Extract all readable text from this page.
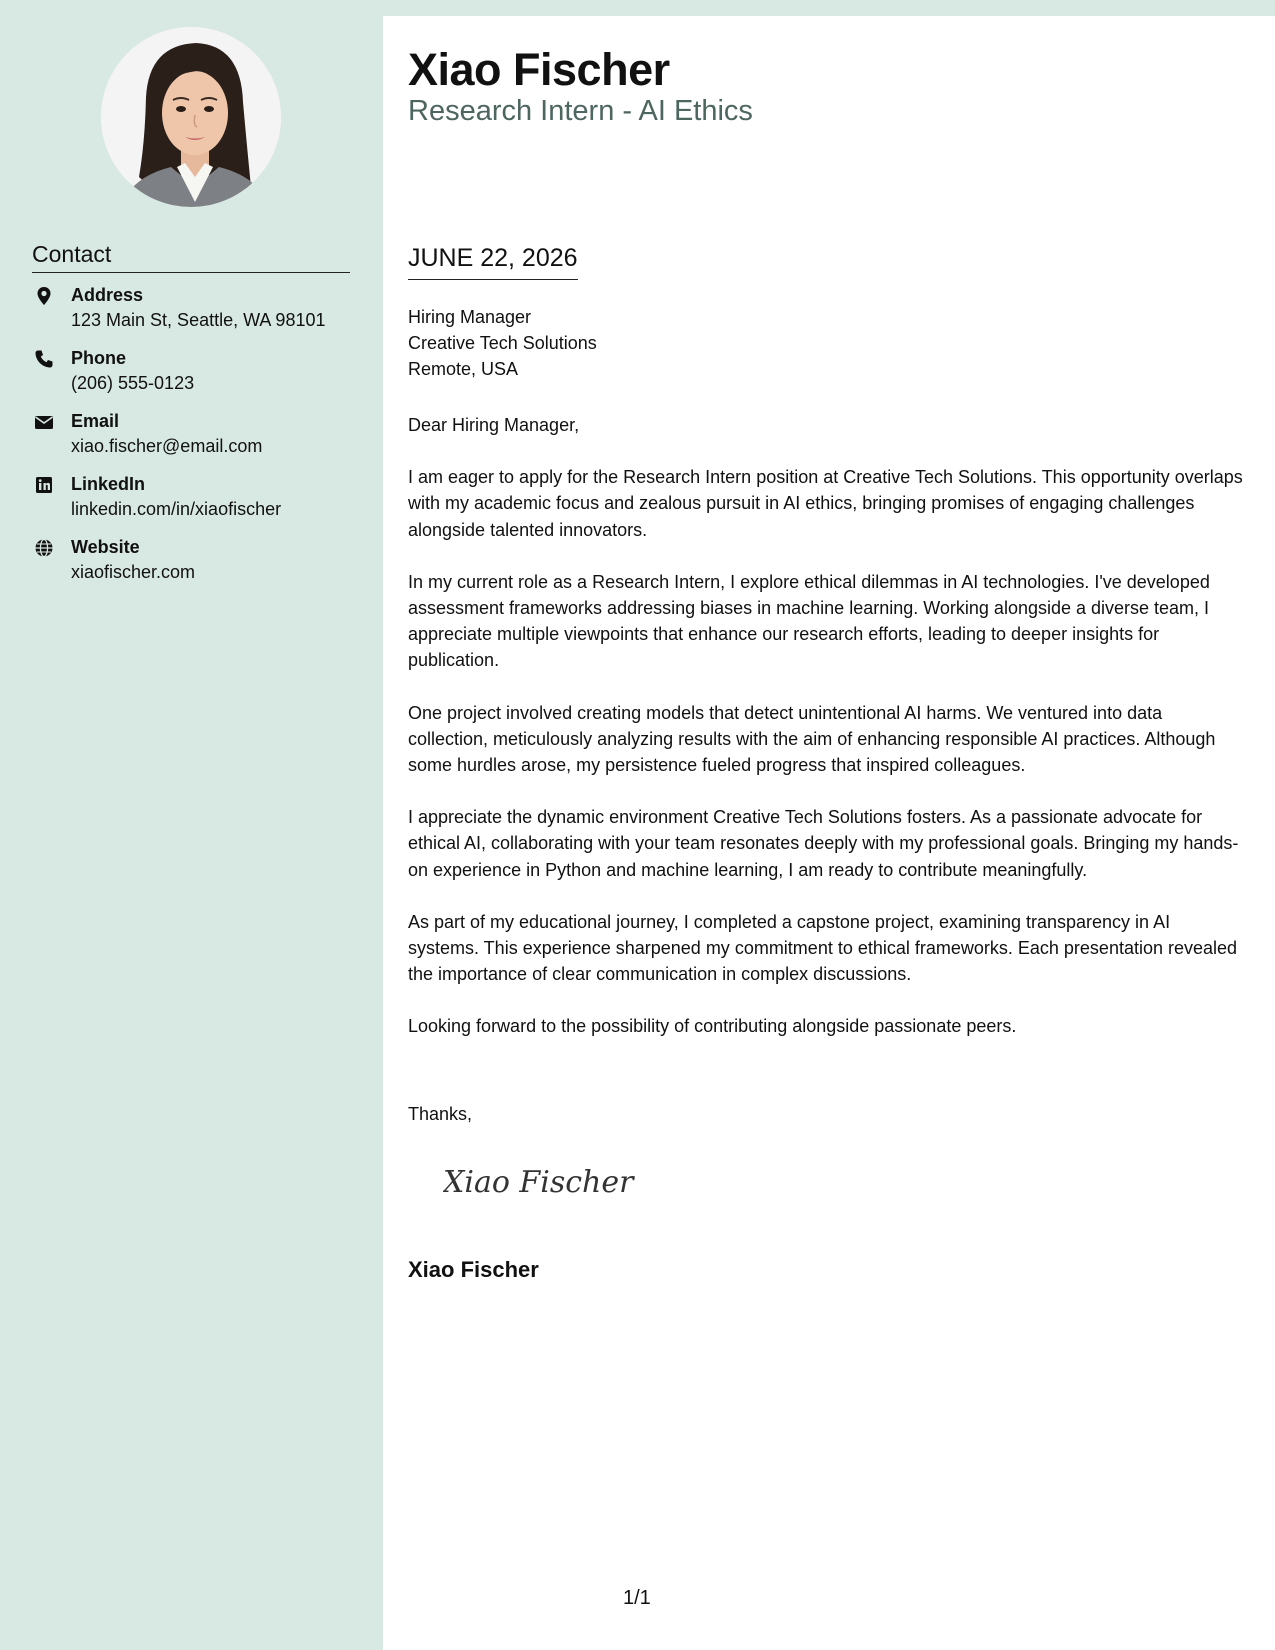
Contact
Address
123 Main St, Seattle, WA 98101
Phone
(206) 555-0123
Email
xiao.fischer@email.com
LinkedIn
linkedin.com/in/xiaofischer
Website
xiaofischer.com
Xiao Fischer
Research Intern - AI Ethics
JUNE 22, 2026
Hiring Manager
Creative Tech Solutions
Remote, USA

Dear Hiring Manager,

I am eager to apply for the Research Intern position at Creative Tech Solutions. This opportunity overlaps with my academic focus and zealous pursuit in AI ethics, bringing promises of engaging challenges alongside talented innovators.

In my current role as a Research Intern, I explore ethical dilemmas in AI technologies. I've developed assessment frameworks addressing biases in machine learning. Working alongside a diverse team, I appreciate multiple viewpoints that enhance our research efforts, leading to deeper insights for publication.

One project involved creating models that detect unintentional AI harms. We ventured into data collection, meticulously analyzing results with the aim of enhancing responsible AI practices. Although some hurdles arose, my persistence fueled progress that inspired colleagues.

I appreciate the dynamic environment Creative Tech Solutions fosters. As a passionate advocate for ethical AI, collaborating with your team resonates deeply with my professional goals. Bringing my hands-on experience in Python and machine learning, I am ready to contribute meaningfully.

As part of my educational journey, I completed a capstone project, examining transparency in AI systems. This experience sharpened my commitment to ethical frameworks. Each presentation revealed the importance of clear communication in complex discussions.

Looking forward to the possibility of contributing alongside passionate peers.

Thanks,
Xiao Fischer
Xiao Fischer
1/1
